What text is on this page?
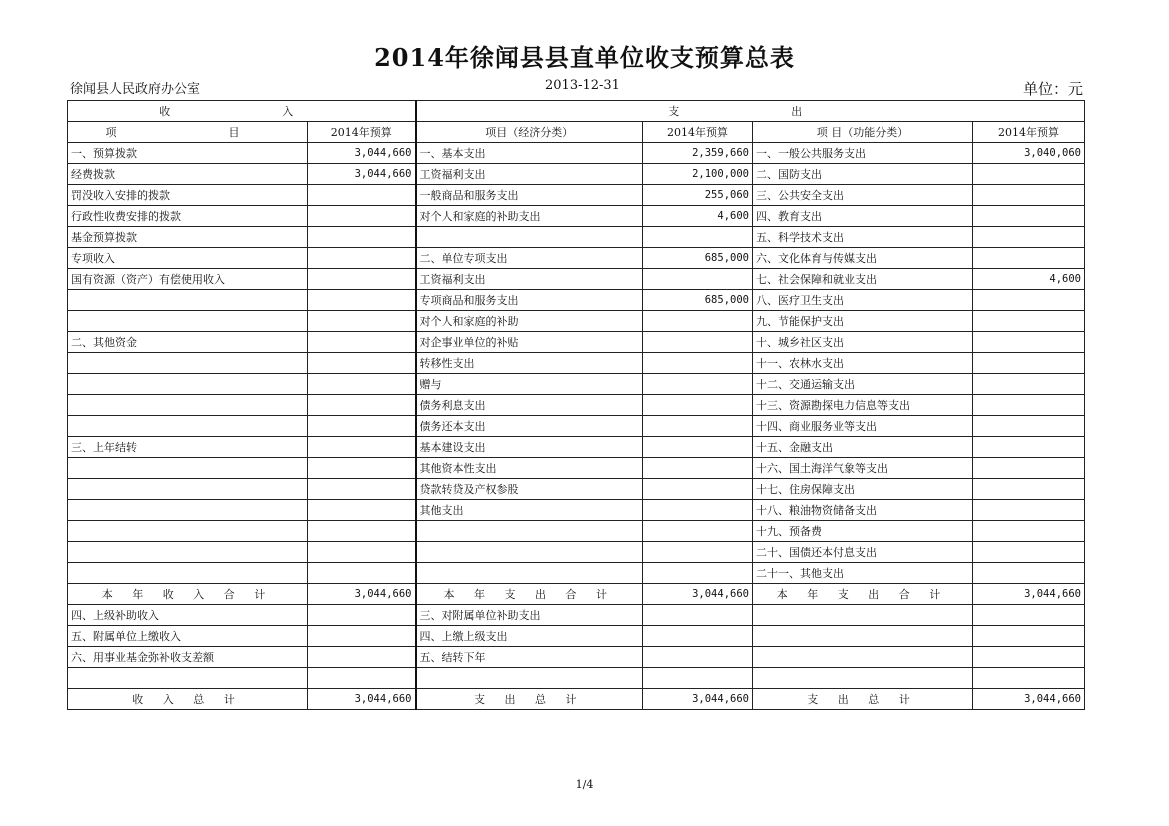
2014年徐闻县县直单位收支预算总表
徐闻县人民政府办公室	2013-12-31	单位：元
收　　入		支　　出			
项　　目	2014年预算	项目（经济分类）	2014年预算	项 目（功能分类）	2014年预算
一、预算拨款	3,044,660	一、基本支出	2,359,660	一、一般公共服务支出	3,040,060
经费拨款	3,044,660	工资福利支出	2,100,000	二、国防支出	
罚没收入安排的拨款		一般商品和服务支出	255,060	三、公共安全支出	
行政性收费安排的拨款		对个人和家庭的补助支出	4,600	四、教育支出	
基金预算拨款				五、科学技术支出	
专项收入		二、单位专项支出	685,000	六、文化体育与传媒支出	
国有资源（资产）有偿使用收入		工资福利支出		七、社会保障和就业支出	4,600
		专项商品和服务支出	685,000	八、医疗卫生支出	
		对个人和家庭的补助		九、节能保护支出	
二、其他资金		对企事业单位的补贴		十、城乡社区支出	
		转移性支出		十一、农林水支出	
		赠与		十二、交通运输支出	
		债务利息支出		十三、资源勘探电力信息等支出	
		债务还本支出		十四、商业服务业等支出	
三、上年结转		基本建设支出		十五、金融支出	
		其他资本性支出		十六、国土海洋气象等支出	
		贷款转贷及产权参股		十七、住房保障支出	
		其他支出		十八、粮油物资储备支出	
				十九、预备费	
				二十、国债还本付息支出	
				二十一、其他支出	
本 年 收 入 合 计	3,044,660	本 年 支 出 合 计	3,044,660	本 年 支 出 合 计	3,044,660
四、上级补助收入		三、对附属单位补助支出			
五、附属单位上缴收入		四、上缴上级支出			
六、用事业基金弥补收支差额		五、结转下年			

收 入 总 计	3,044,660	支 出 总 计	3,044,660	支 出 总 计	3,044,660
1/4
